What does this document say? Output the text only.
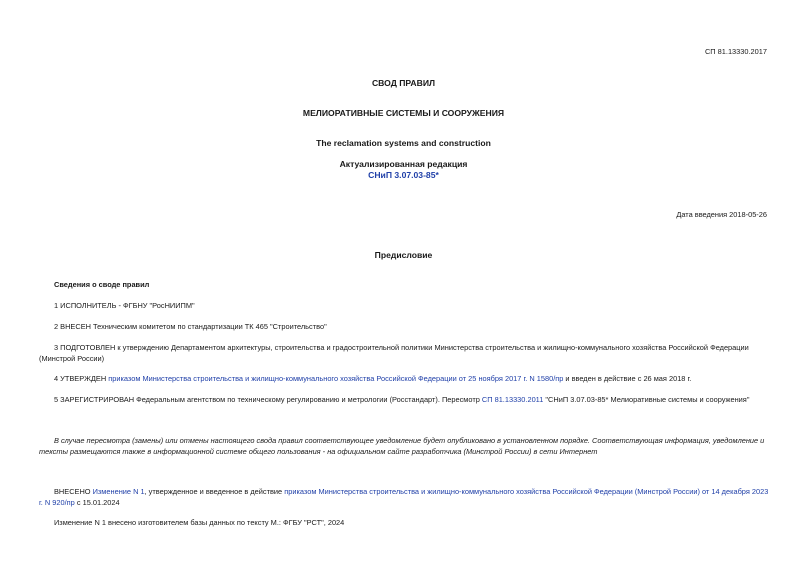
СП 81.13330.2017
СВОД ПРАВИЛ
МЕЛИОРАТИВНЫЕ СИСТЕМЫ И СООРУЖЕНИЯ
The reclamation systems and construction
Актуализированная редакция
СНиП 3.07.03-85*
Дата введения 2018-05-26
Предисловие
Сведения о своде правил
1 ИСПОЛНИТЕЛЬ - ФГБНУ "РосНИИПМ"
2 ВНЕСЕН Техническим комитетом по стандартизации ТК 465 "Строительство"
3 ПОДГОТОВЛЕН к утверждению Департаментом архитектуры, строительства и градостроительной политики Министерства строительства и жилищно-коммунального хозяйства Российской Федерации (Минстрой России)
4 УТВЕРЖДЕН приказом Министерства строительства и жилищно-коммунального хозяйства Российской Федерации от 25 ноября 2017 г. N 1580/пр и введен в действие с 26 мая 2018 г.
5 ЗАРЕГИСТРИРОВАН Федеральным агентством по техническому регулированию и метрологии (Росстандарт). Пересмотр СП 81.13330.2011 "СНиП 3.07.03-85* Мелиоративные системы и сооружения"
В случае пересмотра (замены) или отмены настоящего свода правил соответствующее уведомление будет опубликовано в установленном порядке. Соответствующая информация, уведомление и тексты размещаются также в информационной системе общего пользования - на официальном сайте разработчика (Минстрой России) в сети Интернет
ВНЕСЕНО Изменение N 1, утвержденное и введенное в действие приказом Министерства строительства и жилищно-коммунального хозяйства Российской Федерации (Минстрой России) от 14 декабря 2023 г. N 920/пр с 15.01.2024
Изменение N 1 внесено изготовителем базы данных по тексту М.: ФГБУ "РСТ", 2024
